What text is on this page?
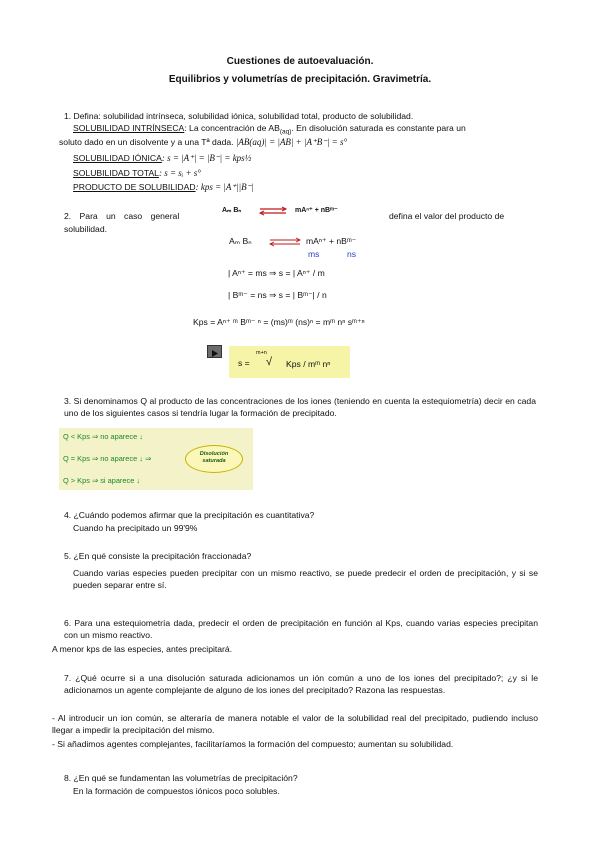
Cuestiones de autoevaluación.
Equilibrios y volumetrías de precipitación. Gravimetría.
1. Defina: solubilidad intrínseca, solubilidad iónica, solubilidad total, producto de solubilidad.
SOLUBILIDAD INTRÍNSECA: La concentración de $AB_{(aq)}$. En disolución saturada es constante para un
soluto dado en un disolvente y a una Tª dada. |AB(aq)| = |AB| + |A⁺B⁻| = s°
SOLUBILIDAD IÓNICA: s = |A⁺| = |B⁻| = kps½
SOLUBILIDAD TOTAL: s = sᵢ + s°
PRODUCTO DE SOLUBILIDAD: kps = |A⁺||B⁻|
2. Para un caso general
solubilidad.
defina el valor del producto de
Aₘ Bₙ	mAⁿ⁺ + nBᵐ⁻
Aₘ Bₙ	mAⁿ⁺ + nBᵐ⁻
ms	ns
| Aⁿ⁺ = ms ⇒ s = | Aⁿ⁺ / m
| Bᵐ⁻ = ns ⇒ s = | Bᵐ⁻| / n
Kps = Aⁿ⁺ ᵐ Bᵐ⁻ ⁿ = (ms)ᵐ (ns)ⁿ = mᵐ nⁿ sᵐ⁺ⁿ
s =
m+n
√ Kps / mᵐ nⁿ
3. Si denominamos Q al producto de las concentraciones de los iones (teniendo en cuenta la estequiometría) decir en cada uno de los siguientes casos si tendría lugar la formación de precipitado.
Q < Kps ⇒ no aparece ↓
Q = Kps ⇒ no aparece ↓ ⇒
Q > Kps ⇒ si aparece ↓
Disolución
saturada
4. ¿Cuándo podemos afirmar que la precipitación es cuantitativa?
Cuando ha precipitado un 99'9%
5. ¿En qué consiste la precipitación fraccionada?
Cuando varias especies pueden precipitar con un mismo reactivo, se puede predecir el orden de precipitación, y si se pueden separar entre sí.
6. Para una estequiometría dada, predecir el orden de precipitación en función al Kps, cuando varias especies precipitan con un mismo reactivo.
A menor kps de las especies, antes precipitará.
7. ¿Qué ocurre si a una disolución saturada adicionamos un ión común a uno de los iones del precipitado?; ¿y si le adicionamos un agente complejante de alguno de los iones del precipitado? Razona las respuestas.
- Al introducir un ion común, se alteraría de manera notable el valor de la solubilidad real del precipitado, pudiendo incluso llegar a impedir la precipitación del mismo.
- Si añadimos agentes complejantes, facilitaríamos la formación del compuesto; aumentan su solubilidad.
8. ¿En qué se fundamentan las volumetrías de precipitación?
En la formación de compuestos iónicos poco solubles.
